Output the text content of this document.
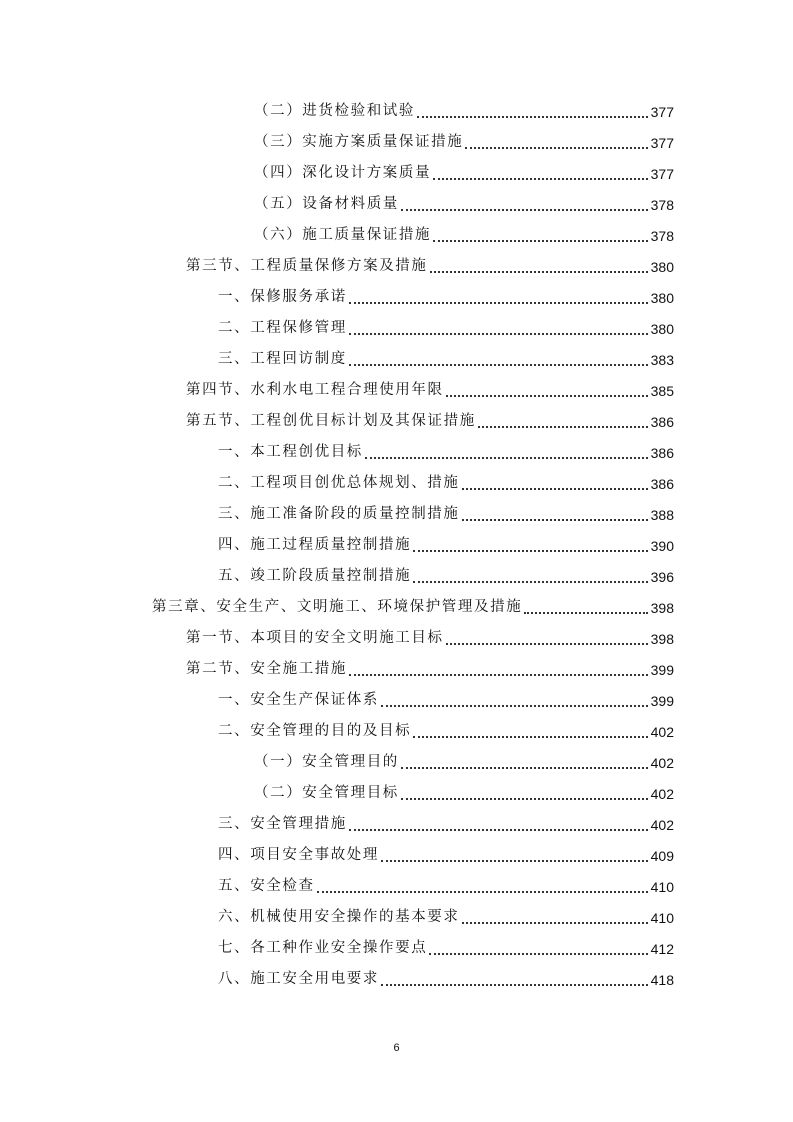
（二）进货检验和试验	377
（三）实施方案质量保证措施	377
（四）深化设计方案质量	377
（五）设备材料质量	378
（六）施工质量保证措施	378
第三节、工程质量保修方案及措施	380
一、保修服务承诺	380
二、工程保修管理	380
三、工程回访制度	383
第四节、水利水电工程合理使用年限	385
第五节、工程创优目标计划及其保证措施	386
一、本工程创优目标	386
二、工程项目创优总体规划、措施	386
三、施工准备阶段的质量控制措施	388
四、施工过程质量控制措施	390
五、竣工阶段质量控制措施	396
第三章、安全生产、文明施工、环境保护管理及措施	398
第一节、本项目的安全文明施工目标	398
第二节、安全施工措施	399
一、安全生产保证体系	399
二、安全管理的目的及目标	402
（一）安全管理目的	402
（二）安全管理目标	402
三、安全管理措施	402
四、项目安全事故处理	409
五、安全检查	410
六、机械使用安全操作的基本要求	410
七、各工种作业安全操作要点	412
八、施工安全用电要求	418
6
